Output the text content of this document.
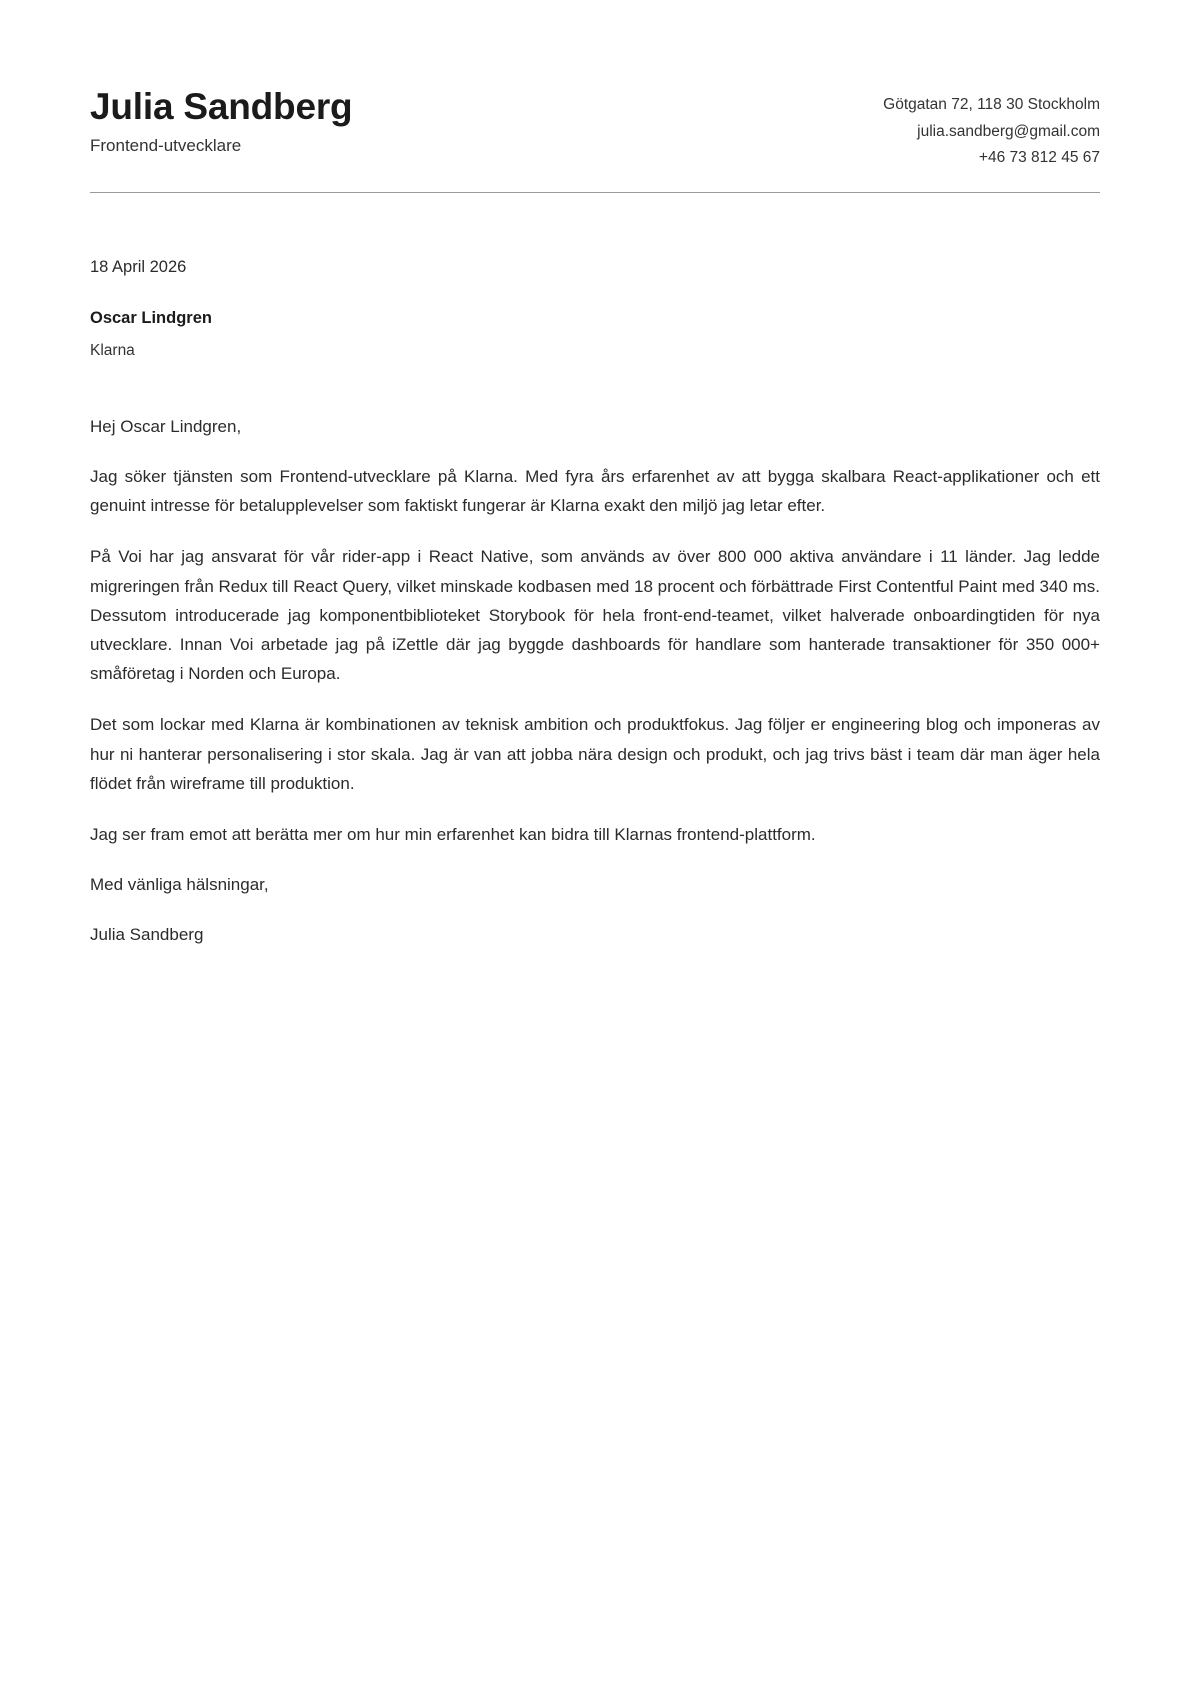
Julia Sandberg
Frontend-utvecklare
Götgatan 72, 118 30 Stockholm
julia.sandberg@gmail.com
+46 73 812 45 67
18 April 2026
Oscar Lindgren
Klarna

Hej Oscar Lindgren,

Jag söker tjänsten som Frontend-utvecklare på Klarna. Med fyra års erfarenhet av att bygga skalbara React-applikationer och ett genuint intresse för betalupplevelser som faktiskt fungerar är Klarna exakt den miljö jag letar efter.

På Voi har jag ansvarat för vår rider-app i React Native, som används av över 800 000 aktiva användare i 11 länder. Jag ledde migreringen från Redux till React Query, vilket minskade kodbasen med 18 procent och förbättrade First Contentful Paint med 340 ms. Dessutom introducerade jag komponentbiblioteket Storybook för hela front-end-teamet, vilket halverade onboardingtiden för nya utvecklare. Innan Voi arbetade jag på iZettle där jag byggde dashboards för handlare som hanterade transaktioner för 350 000+ småföretag i Norden och Europa.

Det som lockar med Klarna är kombinationen av teknisk ambition och produktfokus. Jag följer er engineering blog och imponeras av hur ni hanterar personalisering i stor skala. Jag är van att jobba nära design och produkt, och jag trivs bäst i team där man äger hela flödet från wireframe till produktion.

Jag ser fram emot att berätta mer om hur min erfarenhet kan bidra till Klarnas frontend-plattform.

Med vänliga hälsningar,

Julia Sandberg
